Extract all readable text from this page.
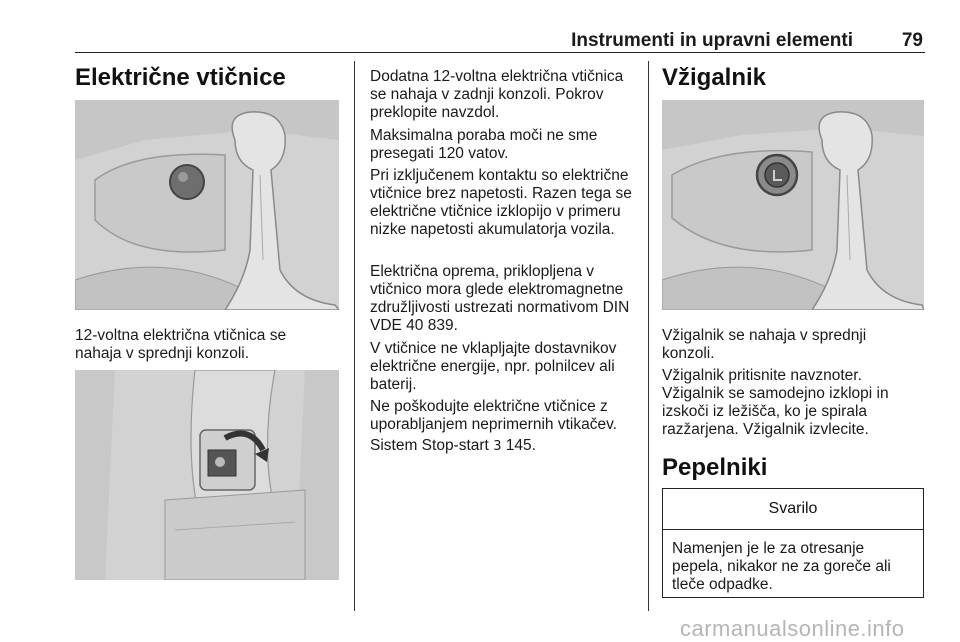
Instrumenti in upravni elementi	79
Električne vtičnice

12-voltna električna vtičnica se nahaja v sprednji konzoli.

Dodatna 12-voltna električna vtičnica se nahaja v zadnji konzoli. Pokrov preklopite navzdol.

Maksimalna poraba moči ne sme presegati 120 vatov.

Pri izključenem kontaktu so električne vtičnice brez napetosti. Razen tega se električne vtičnice izklopijo v primeru nizke napetosti akumulatorja vozila.

Električna oprema, priklopljena v vtičnico mora glede elektromagnetne združljivosti ustrezati normativom DIN VDE 40 839.

V vtičnice ne vklapljajte dostavnikov električne energije, npr. polnilcev ali baterij.

Ne poškodujte električne vtičnice z uporabljanjem neprimernih vtikačev.

Sistem Stop-start 3 145.

Vžigalnik

Vžigalnik se nahaja v sprednji konzoli.

Vžigalnik pritisnite navznoter. Vžigalnik se samodejno izklopi in izskoči iz ležišča, ko je spirala razžarjena. Vžigalnik izvlecite.

Pepelniki
Svarilo
Namenjen je le za otresanje pepela, nikakor ne za goreče ali tleče odpadke.
carmanualsonline.info
